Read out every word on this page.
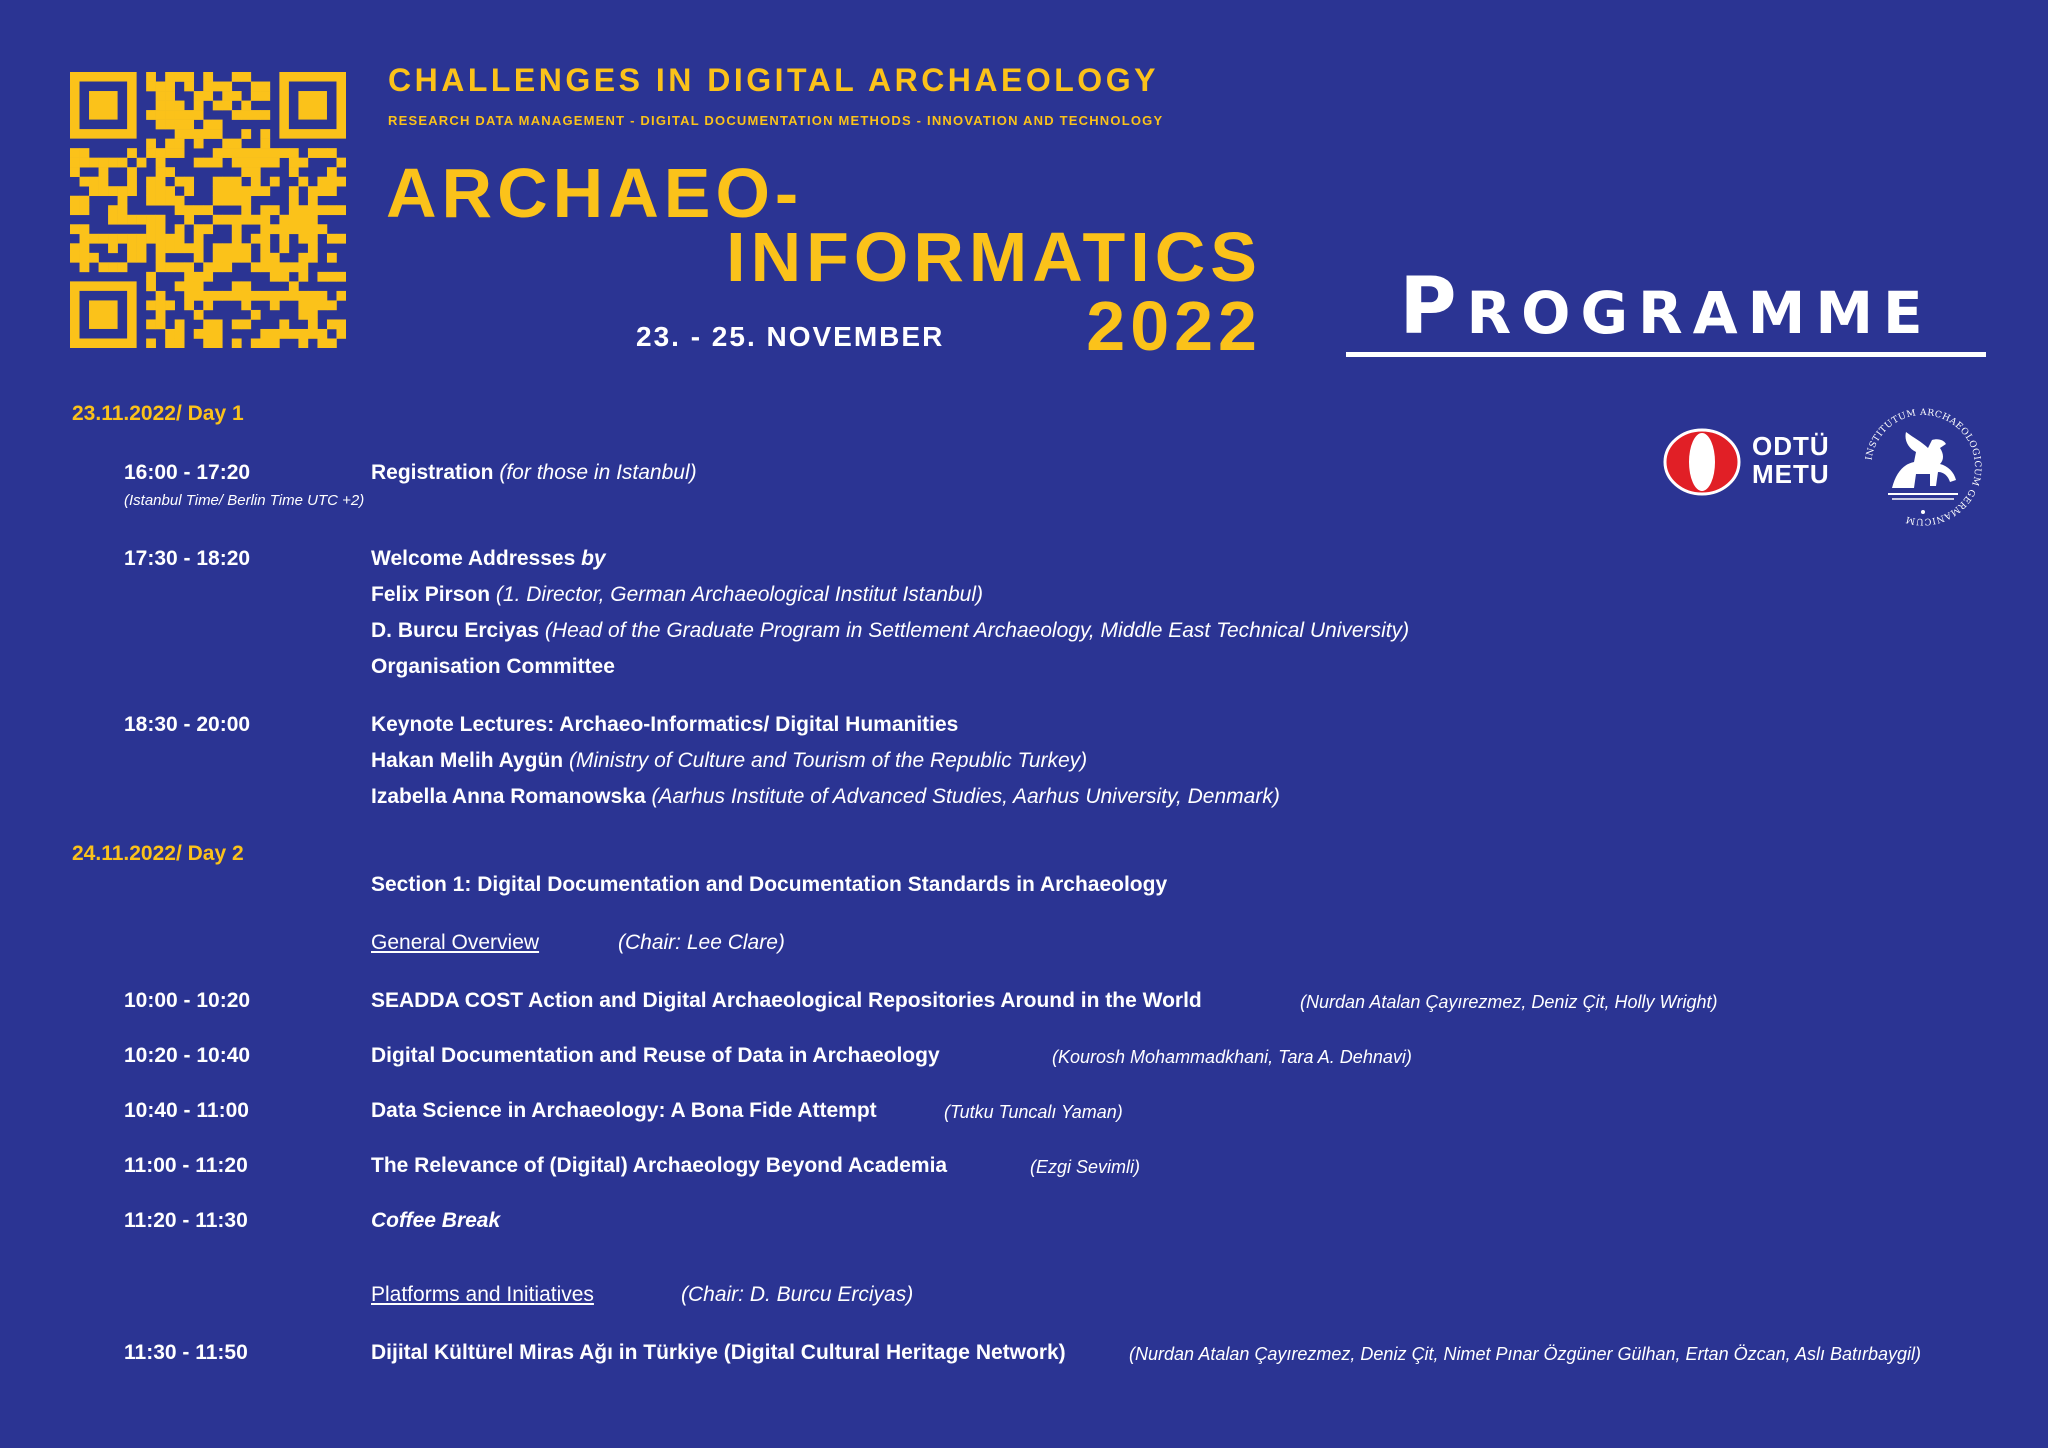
CHALLENGES IN DIGITAL ARCHAEOLOGY
RESEARCH DATA MANAGEMENT - DIGITAL DOCUMENTATION METHODS - INNOVATION AND TECHNOLOGY
ARCHAEO-
INFORMATICS
2022
23. - 25. NOVEMBER	PROGRAMME
ODTÜ
METU
INSTITUTUM ARCHAEOLOGICUM GERMANICUM
23.11.2022/ Day 1
16:00 - 17:20	Registration (for those in Istanbul)
(Istanbul Time/ Berlin Time UTC +2)
17:30 - 18:20	Welcome Addresses by
Felix Pirson (1. Director, German Archaeological Institut Istanbul)
D. Burcu Erciyas (Head of the Graduate Program in Settlement Archaeology, Middle East Technical University)
Organisation Committee
18:30 - 20:00	Keynote Lectures: Archaeo-Informatics/ Digital Humanities
Hakan Melih Aygün (Ministry of Culture and Tourism of the Republic Turkey)
Izabella Anna Romanowska (Aarhus Institute of Advanced Studies, Aarhus University, Denmark)
24.11.2022/ Day 2
Section 1: Digital Documentation and Documentation Standards in Archaeology
General Overview	(Chair: Lee Clare)
10:00 - 10:20	SEADDA COST Action and Digital Archaeological Repositories Around in the World	(Nurdan Atalan Çayırezmez, Deniz Çit, Holly Wright)
10:20 - 10:40	Digital Documentation and Reuse of Data in Archaeology	(Kourosh Mohammadkhani, Tara A. Dehnavi)
10:40 - 11:00	Data Science in Archaeology: A Bona Fide Attempt	(Tutku Tuncalı Yaman)
11:00 - 11:20	The Relevance of (Digital) Archaeology Beyond Academia	(Ezgi Sevimli)
11:20 - 11:30	Coffee Break
Platforms and Initiatives	(Chair: D. Burcu Erciyas)
11:30 - 11:50	Dijital Kültürel Miras Ağı in Türkiye (Digital Cultural Heritage Network)	(Nurdan Atalan Çayırezmez, Deniz Çit, Nimet Pınar Özgüner Gülhan, Ertan Özcan, Aslı Batırbaygil)
